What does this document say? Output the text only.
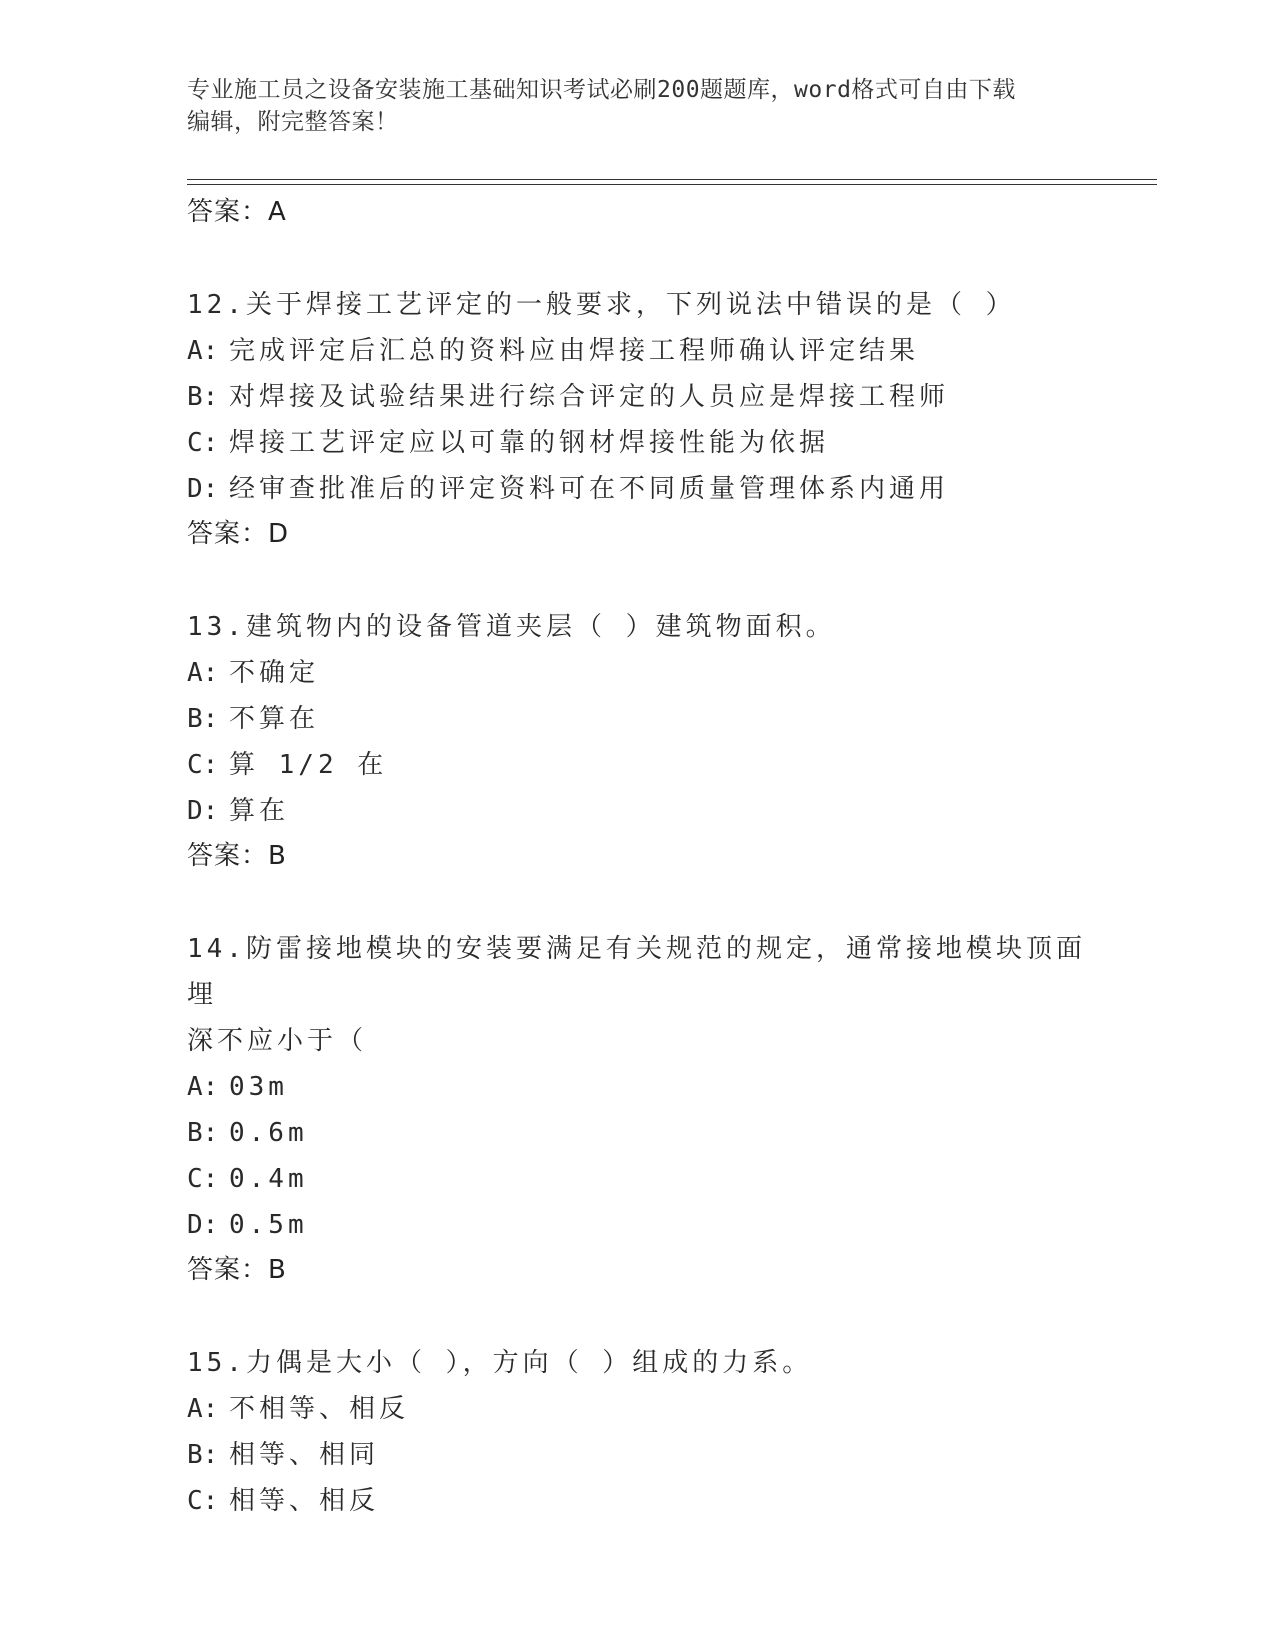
专业施工员之设备安装施工基础知识考试必刷200题题库，word格式可自由下载
编辑，附完整答案！
答案：A
12.关于焊接工艺评定的一般要求，下列说法中错误的是（ ）
A: 完成评定后汇总的资料应由焊接工程师确认评定结果
B: 对焊接及试验结果进行综合评定的人员应是焊接工程师
C: 焊接工艺评定应以可靠的钢材焊接性能为依据
D: 经审查批准后的评定资料可在不同质量管理体系内通用
答案：D
13.建筑物内的设备管道夹层（ ）建筑物面积。
A: 不确定
B: 不算在
C: 算 1/2 在
D: 算在
答案：B
14.防雷接地模块的安装要满足有关规范的规定，通常接地模块顶面埋
深不应小于（
A: 03m
B: 0.6m
C: 0.4m
D: 0.5m
答案：B
15.力偶是大小（ ），方向（ ）组成的力系。
A: 不相等、相反
B: 相等、相同
C: 相等、相反
